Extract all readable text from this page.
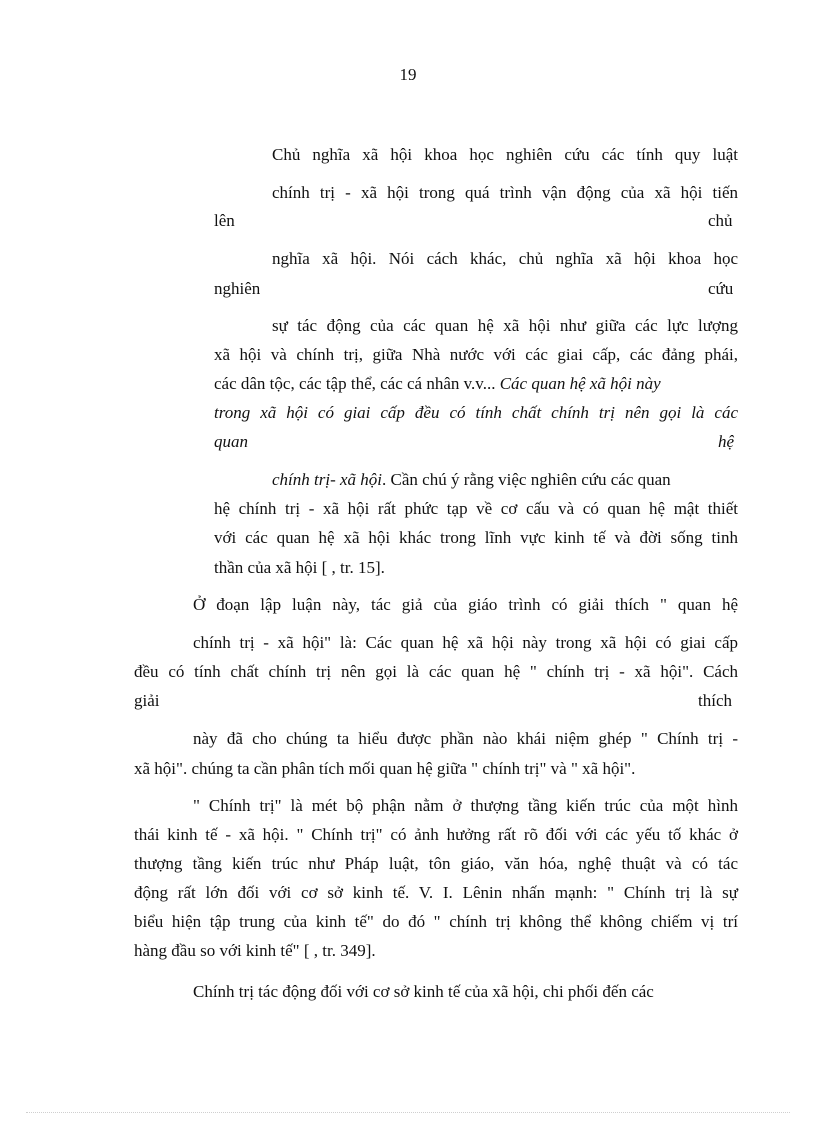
19

Chủ nghĩa xã hội khoa học nghiên cứu các tính quy luật

chính trị - xã hội trong quá trình vận động của xã hội tiến

lên	chủ

nghĩa xã hội. Nói cách khác, chủ nghĩa xã hội khoa học

nghiên	cứu

sự tác động của các quan hệ xã hội như giữa các lực lượng

xã hội và chính trị, giữa Nhà nước với các giai cấp, các đảng phái,

các dân tộc, các tập thể, các cá nhân v.v... Các quan hệ xã hội này

trong xã hội có giai cấp đều có tính chất chính trị nên gọi là các

quan	hệ

chính trị- xã hội. Cần chú ý rằng việc nghiên cứu các quan

hệ chính trị - xã hội rất phức tạp về cơ cấu và có quan hệ mật thiết

với các quan hệ xã hội khác trong lĩnh vực kinh tế và đời sống tinh

thần của xã hội [ , tr. 15].

Ở đoạn lập luận này, tác giả của giáo trình có giải thích " quan hệ

chính trị - xã hội" là: Các quan hệ xã hội này trong xã hội có giai cấp

đều có tính chất chính trị nên gọi là các quan hệ " chính trị - xã hội". Cách

giải	thích

này đã cho chúng ta hiểu được phần nào khái niệm ghép " Chính trị -

xã hội". chúng ta cần phân tích mối quan hệ giữa " chính trị" và " xã hội".

" Chính trị" là mét bộ phận nằm ở thượng tầng kiến trúc của một hình

thái kinh tế - xã hội. " Chính trị" có ảnh hưởng rất rõ đối với các yếu tố khác ở

thượng tầng kiến trúc như Pháp luật, tôn giáo, văn hóa, nghệ thuật và có tác

động rất lớn đối với cơ sở kinh tế. V. I. Lênin nhấn mạnh: " Chính trị là sự

biểu hiện tập trung của kinh tế" do đó " chính trị không thể không chiếm vị trí

hàng đầu so với kinh tế" [ , tr. 349].

Chính trị tác động đối với cơ sở kinh tế của xã hội, chi phối đến các
